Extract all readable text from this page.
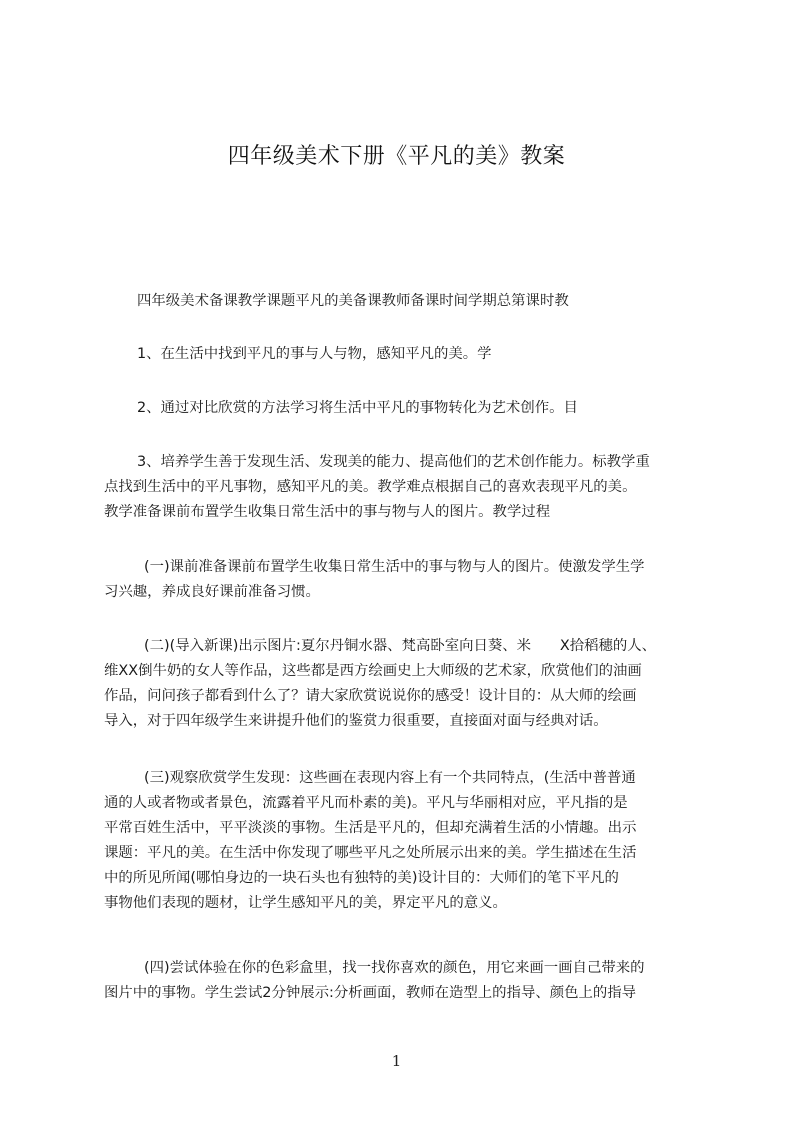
四年级美术下册《平凡的美》教案
四年级美术备课教学课题平凡的美备课教师备课时间学期总第课时教
1、在生活中找到平凡的事与人与物，感知平凡的美。学
2、通过对比欣赏的方法学习将生活中平凡的事物转化为艺术创作。目
3、培养学生善于发现生活、发现美的能力、提高他们的艺术创作能力。标教学重
点找到生活中的平凡事物，感知平凡的美。教学难点根据自己的喜欢表现平凡的美。
教学准备课前布置学生收集日常生活中的事与物与人的图片。教学过程
(一)课前准备课前布置学生收集日常生活中的事与物与人的图片。使激发学生学
习兴趣，养成良好课前准备习惯。
(二)(导入新课)出示图片:夏尔丹铜水器、梵高卧室向日葵、米　　X拾稻穗的人、
维XX倒牛奶的女人等作品，这些都是西方绘画史上大师级的艺术家，欣赏他们的油画
作品，问问孩子都看到什么了？请大家欣赏说说你的感受！设计目的：从大师的绘画
导入，对于四年级学生来讲提升他们的鉴赏力很重要，直接面对面与经典对话。
(三)观察欣赏学生发现：这些画在表现内容上有一个共同特点，(生活中普普通
通的人或者物或者景色，流露着平凡而朴素的美)。平凡与华丽相对应，平凡指的是
平常百姓生活中，平平淡淡的事物。生活是平凡的，但却充满着生活的小情趣。出示
课题：平凡的美。在生活中你发现了哪些平凡之处所展示出来的美。学生描述在生活
中的所见所闻(哪怕身边的一块石头也有独特的美)设计目的：大师们的笔下平凡的
事物他们表现的题材，让学生感知平凡的美，界定平凡的意义。
(四)尝试体验在你的色彩盒里，找一找你喜欢的颜色，用它来画一画自己带来的
图片中的事物。学生尝试2分钟展示:分析画面，教师在造型上的指导、颜色上的指导
1
